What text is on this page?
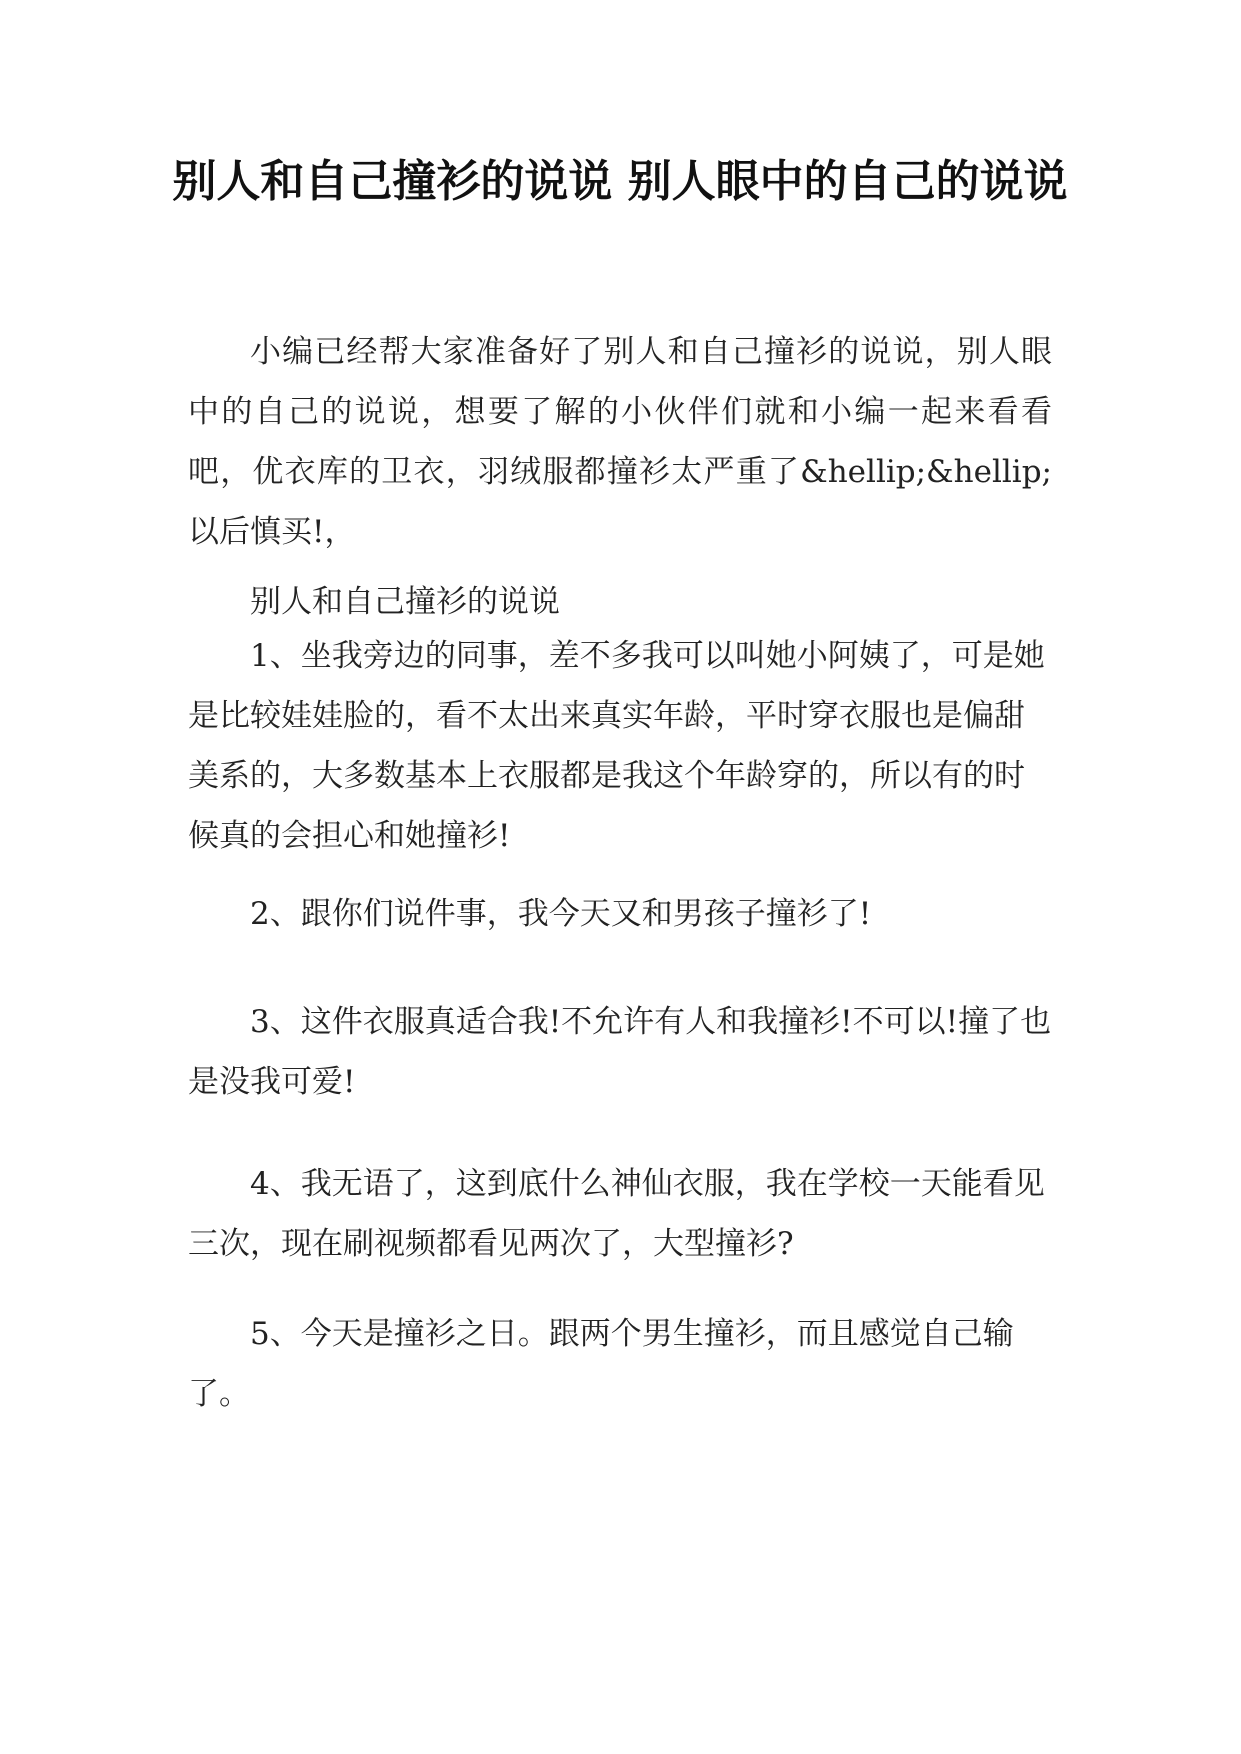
别人和自己撞衫的说说 别人眼中的自己的说说

小编已经帮大家准备好了别人和自己撞衫的说说，别人眼中的自己的说说，想要了解的小伙伴们就和小编一起来看看吧，优衣库的卫衣，羽绒服都撞衫太严重了&hellip;&hellip;以后慎买!，

别人和自己撞衫的说说

1、坐我旁边的同事，差不多我可以叫她小阿姨了，可是她是比较娃娃脸的，看不太出来真实年龄，平时穿衣服也是偏甜美系的，大多数基本上衣服都是我这个年龄穿的，所以有的时候真的会担心和她撞衫!

2、跟你们说件事，我今天又和男孩子撞衫了!

3、这件衣服真适合我!不允许有人和我撞衫!不可以!撞了也是没我可爱!

4、我无语了，这到底什么神仙衣服，我在学校一天能看见三次，现在刷视频都看见两次了，大型撞衫?

5、今天是撞衫之日。跟两个男生撞衫，而且感觉自己输了。
